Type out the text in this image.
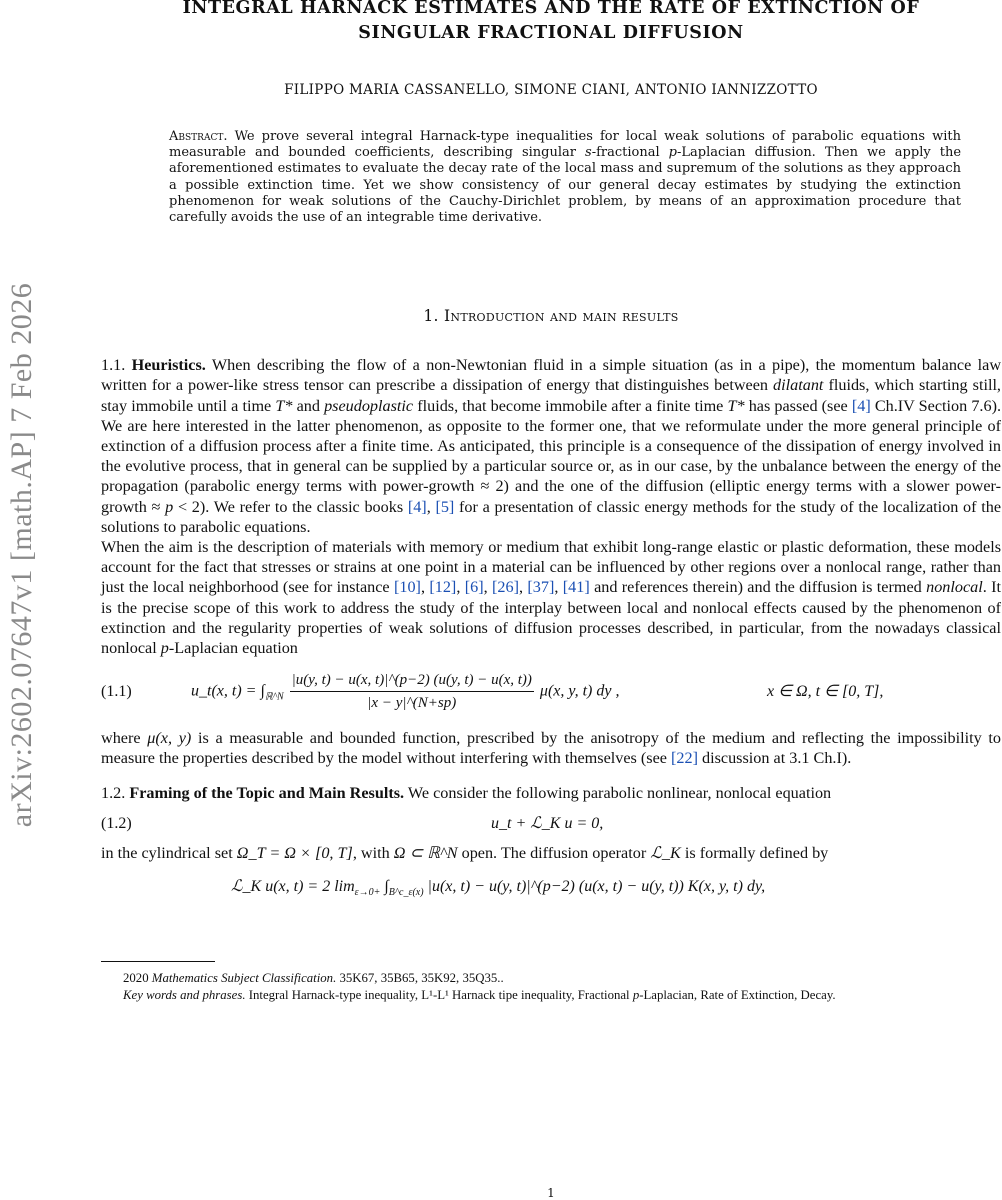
arXiv:2602.07647v1 [math.AP] 7 Feb 2026
INTEGRAL HARNACK ESTIMATES AND THE RATE OF EXTINCTION OF
SINGULAR FRACTIONAL DIFFUSION
FILIPPO MARIA CASSANELLO, SIMONE CIANI, ANTONIO IANNIZZOTTO
Abstract. We prove several integral Harnack-type inequalities for local weak solutions of parabolic equations with measurable and bounded coefficients, describing singular s-fractional p-Laplacian diffusion. Then we apply the aforementioned estimates to evaluate the decay rate of the local mass and supremum of the solutions as they approach a possible extinction time. Yet we show consistency of our general decay estimates by studying the extinction phenomenon for weak solutions of the Cauchy-Dirichlet problem, by means of an approximation procedure that carefully avoids the use of an integrable time derivative.
1. Introduction and main results

1.1. Heuristics. When describing the flow of a non-Newtonian fluid in a simple situation (as in a pipe), the momentum balance law written for a power-like stress tensor can prescribe a dissipation of energy that distinguishes between dilatant fluids, which starting still, stay immobile until a time T* and pseudoplastic fluids, that become immobile after a finite time T* has passed (see [4] Ch.IV Section 7.6). We are here interested in the latter phenomenon, as opposite to the former one, that we reformulate under the more general principle of extinction of a diffusion process after a finite time. As anticipated, this principle is a consequence of the dissipation of energy involved in the evolutive process, that in general can be supplied by a particular source or, as in our case, by the unbalance between the energy of the propagation (parabolic energy terms with power-growth ≈ 2) and the one of the diffusion (elliptic energy terms with a slower power-growth ≈ p < 2). We refer to the classic books [4], [5] for a presentation of classic energy methods for the study of the localization of the solutions to parabolic equations.

When the aim is the description of materials with memory or medium that exhibit long-range elastic or plastic deformation, these models account for the fact that stresses or strains at one point in a material can be influenced by other regions over a nonlocal range, rather than just the local neighborhood (see for instance [10], [12], [6], [26], [37], [41] and references therein) and the diffusion is termed nonlocal. It is the precise scope of this work to address the study of the interplay between local and nonlocal effects caused by the phenomenon of extinction and the regularity properties of weak solutions of diffusion processes described, in particular, from the nowadays classical nonlocal p-Laplacian equation

(1.1)	u_t(x, $t) = \int_{ℝ\^{}N} \frac{|u(y, t) - u(x, t)|\^{}(p-2) (u(y, t) - u(x, t))}{|x - y|\^{}(N+sp)} \mu(x$, y, t) dy ,	x ∈ Ω, t ∈ [0, T],

where μ(x, y) is a measurable and bounded function, prescribed by the anisotropy of the medium and reflecting the impossibility to measure the properties described by the model without interfering with themselves (see [22] discussion at 3.1 Ch.I).

1.2. Framing of the Topic and Main Results. We consider the following parabolic nonlinear, nonlocal equation

(1.2)	u_t + ℒ_K u = 0,

in the cylindrical set Ω_T = Ω × [0, T], with Ω ⊂ ℝ^N open. The diffusion operator ℒ_K is formally defined by

ℒ_K u(x, t) = 2 $\lim_{\varepsilon\to 0+} \int_{B\^{}c\_\varepsilon(x)}$ |u(x, t) − u(y, t)|^(p−2) (u(x, t) − u(y, t)) K(x, y, t) dy,
2020 Mathematics Subject Classification. 35K67, 35B65, 35K92, 35Q35..
Key words and phrases. Integral Harnack-type inequality, L¹-L¹ Harnack tipe inequality, Fractional p-Laplacian, Rate of Extinction, Decay.
1
